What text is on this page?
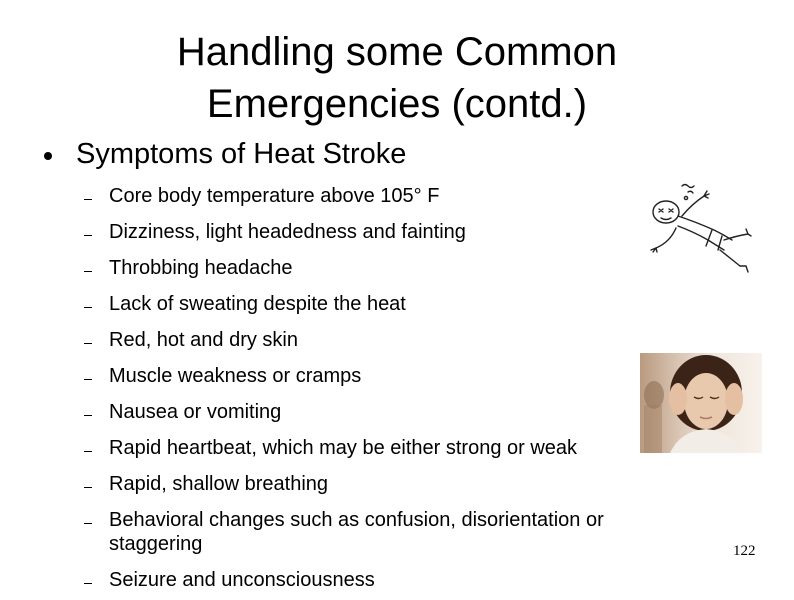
Handling some Common
Emergencies (contd.)
Symptoms of Heat Stroke
Core body temperature above 105° F
Dizziness, light headedness and fainting
Throbbing headache
Lack of sweating despite the heat
Red, hot and dry skin
Muscle weakness or cramps
Nausea or vomiting
Rapid heartbeat, which may be either strong or weak
Rapid, shallow breathing
Behavioral changes such as confusion, disorientation or staggering
Seizure and unconsciousness
122
